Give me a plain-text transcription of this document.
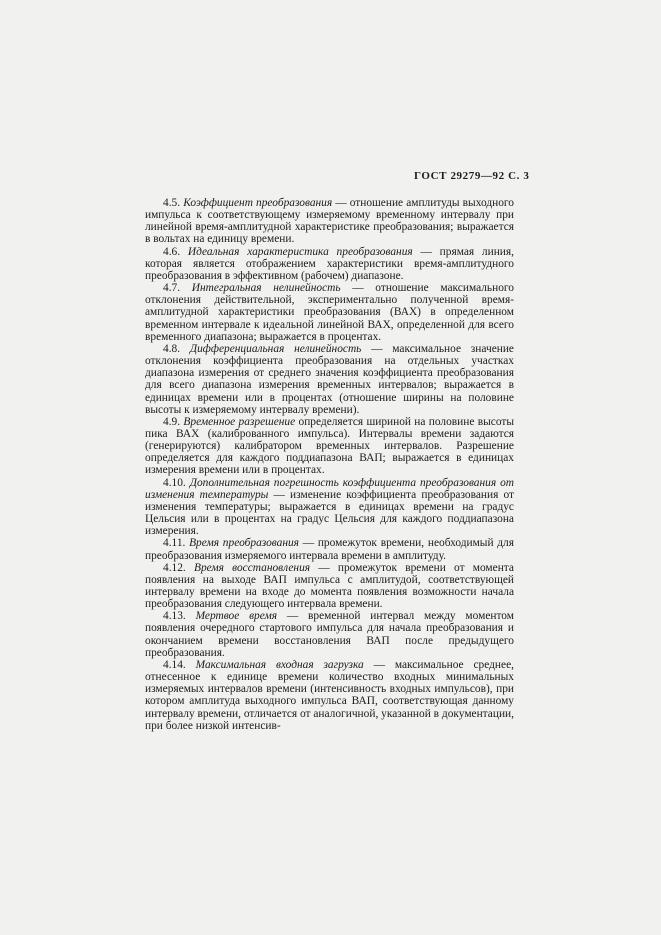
ГОСТ 29279—92 С. 3

4.5. Коэффициент преобразования — отношение амплитуды выходного импульса к соответствующему измеряемому временному интервалу при линейной время-амплитудной характеристике преобразования; выражается в вольтах на единицу времени.

4.6. Идеальная характеристика преобразования — прямая линия, которая является отображением характеристики время-амплитудного преобразования в эффективном (рабочем) диапазоне.

4.7. Интегральная нелинейность — отношение максимального отклонения действительной, экспериментально полученной время-амплитудной характеристики преобразования (ВАХ) в определенном временном интервале к идеальной линейной ВАХ, определенной для всего временного диапазона; выражается в процентах.

4.8. Дифференциальная нелинейность — максимальное значение отклонения коэффициента преобразования на отдельных участках диапазона измерения от среднего значения коэффициента преобразования для всего диапазона измерения временных интервалов; выражается в единицах времени или в процентах (отношение ширины на половине высоты к измеряемому интервалу времени).

4.9. Временное разрешение определяется шириной на половине высоты пика ВАХ (калиброванного импульса). Интервалы времени задаются (генерируются) калибратором временных интервалов. Разрешение определяется для каждого поддиапазона ВАП; выражается в единицах измерения времени или в процентах.

4.10. Дополнительная погрешность коэффициента преобразования от изменения температуры — изменение коэффициента преобразования от изменения температуры; выражается в единицах времени на градус Цельсия или в процентах на градус Цельсия для каждого поддиапазона измерения.

4.11. Время преобразования — промежуток времени, необходимый для преобразования измеряемого интервала времени в амплитуду.

4.12. Время восстановления — промежуток времени от момента появления на выходе ВАП импульса с амплитудой, соответствующей интервалу времени на входе до момента появления возможности начала преобразования следующего интервала времени.

4.13. Мертвое время — временной интервал между моментом появления очередного стартового импульса для начала преобразования и окончанием времени восстановления ВАП после предыдущего преобразования.

4.14. Максимальная входная загрузка — максимальное среднее, отнесенное к единице времени количество входных минимальных измеряемых интервалов времени (интенсивность входных импульсов), при котором амплитуда выходного импульса ВАП, соответствующая данному интервалу времени, отличается от аналогичной, указанной в документации, при более низкой интенсив-
